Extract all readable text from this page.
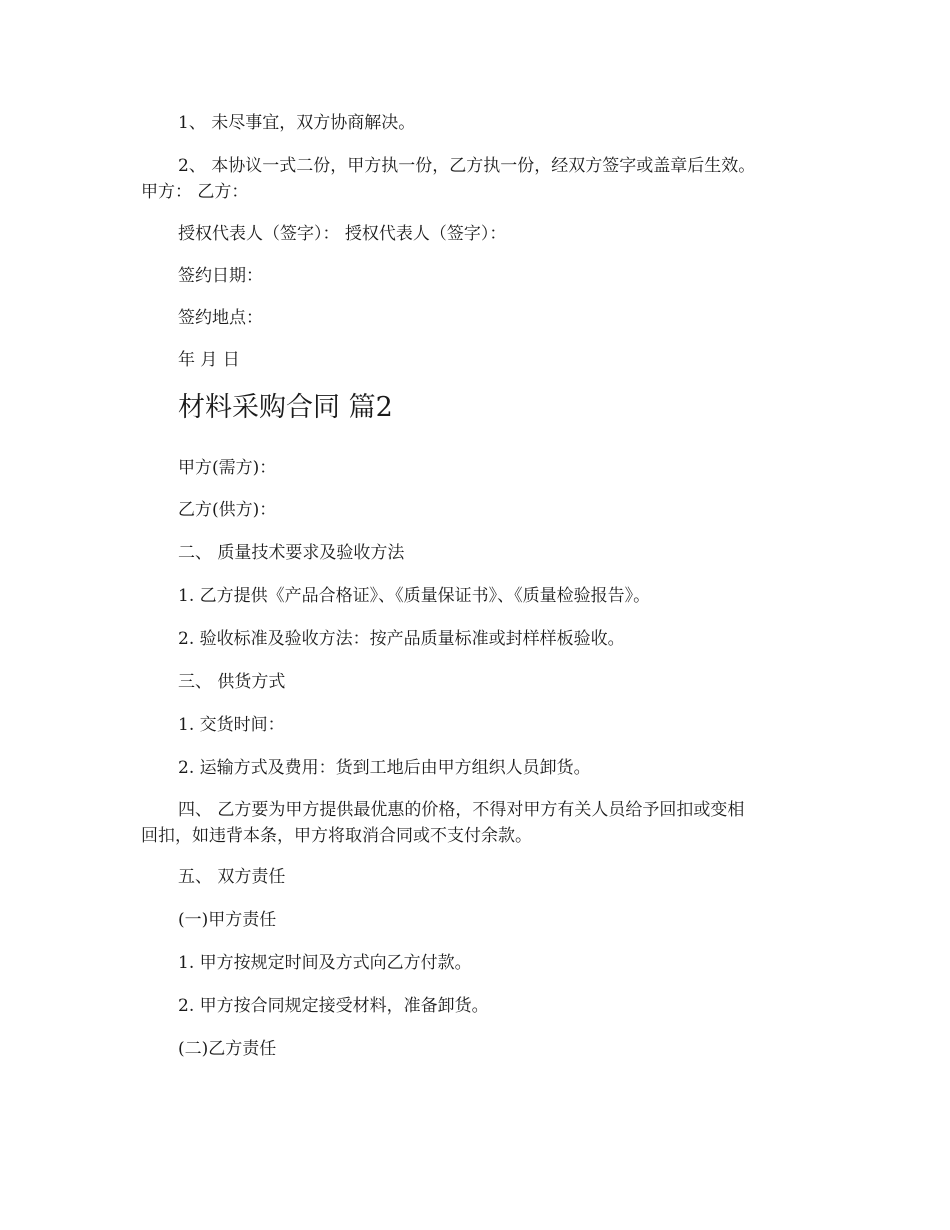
1、 未尽事宜，双方协商解决。
2、 本协议一式二份，甲方执一份，乙方执一份，经双方签字或盖章后生效。
甲方： 乙方：
授权代表人（签字）： 授权代表人（签字）：
签约日期：
签约地点：
年 月 日
材料采购合同 篇2
甲方(需方)：
乙方(供方)：
二、 质量技术要求及验收方法
1. 乙方提供《产品合格证》、《质量保证书》、《质量检验报告》。
2. 验收标准及验收方法：按产品质量标准或封样样板验收。
三、 供货方式
1. 交货时间：
2. 运输方式及费用：货到工地后由甲方组织人员卸货。
四、 乙方要为甲方提供最优惠的价格，不得对甲方有关人员给予回扣或变相
回扣，如违背本条，甲方将取消合同或不支付余款。
五、 双方责任
(一)甲方责任
1. 甲方按规定时间及方式向乙方付款。
2. 甲方按合同规定接受材料，准备卸货。
(二)乙方责任
